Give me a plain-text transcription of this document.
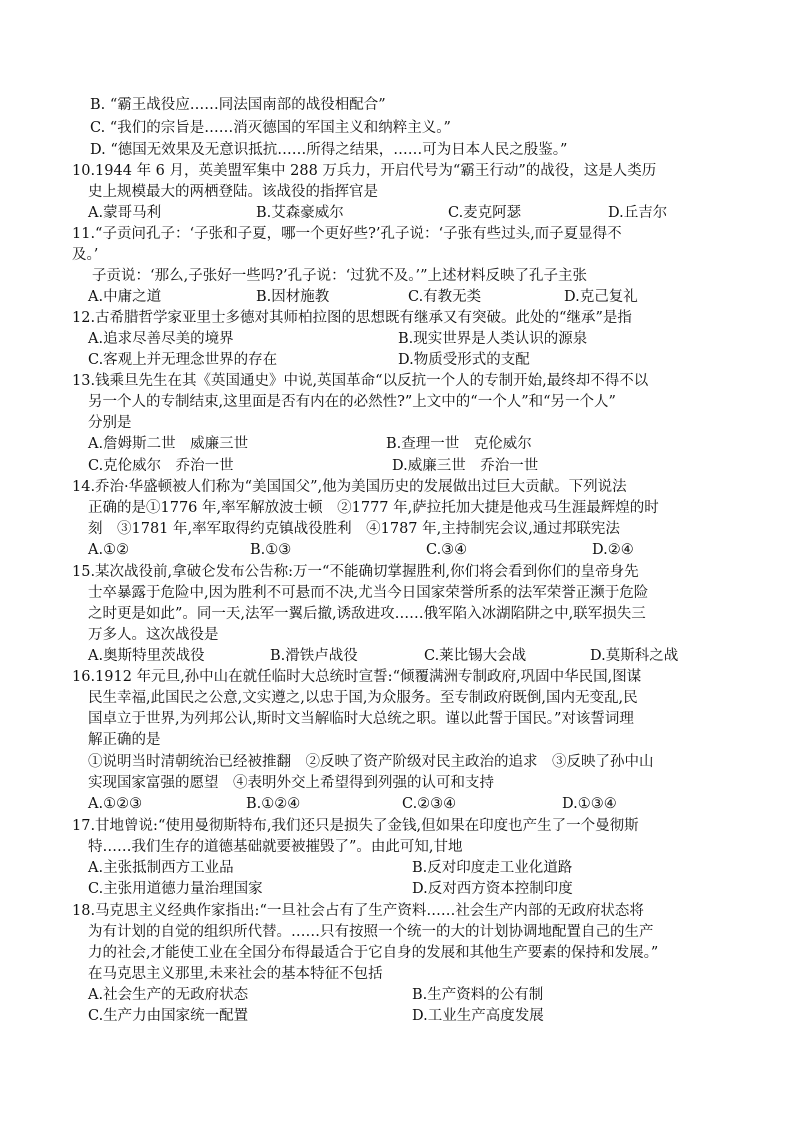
B. “霸王战役应……同法国南部的战役相配合”
C. “我们的宗旨是……消灭德国的军国主义和纳粹主义。”
D. “德国无效果及无意识抵抗……所得之结果，……可为日本人民之殷鉴。”
10.1944 年 6 月，英美盟军集中 288 万兵力，开启代号为“霸王行动”的战役，这是人类历
史上规模最大的两栖登陆。该战役的指挥官是
A.蒙哥马利	B.艾森豪威尔	C.麦克阿瑟	D.丘吉尔
11.“子贡问孔子：‘子张和子夏，哪一个更好些?’孔子说：‘子张有些过头,而子夏显得不
及。’
子贡说：‘那么,子张好一些吗?’孔子说：‘过犹不及。’”上述材料反映了孔子主张
A.中庸之道	B.因材施教	C.有教无类	D.克己复礼
12.古希腊哲学家亚里士多德对其师柏拉图的思想既有继承又有突破。此处的“继承”是指
A.追求尽善尽美的境界	B.现实世界是人类认识的源泉
C.客观上并无理念世界的存在	D.物质受形式的支配
13.钱乘旦先生在其《英国通史》中说,英国革命“以反抗一个人的专制开始,最终却不得不以
另一个人的专制结束,这里面是否有内在的必然性?”上文中的“一个人”和“另一个人”
分别是
A.詹姆斯二世　威廉三世	B.查理一世　克伦威尔
C.克伦威尔　乔治一世	D.威廉三世　乔治一世
14.乔治·华盛顿被人们称为“美国国父”,他为美国历史的发展做出过巨大贡献。下列说法
正确的是①1776 年,率军解放波士顿　②1777 年,萨拉托加大捷是他戎马生涯最辉煌的时
刻　③1781 年,率军取得约克镇战役胜利　④1787 年,主持制宪会议,通过邦联宪法
A.①②	B.①③	C.③④	D.②④
15.某次战役前,拿破仑发布公告称:万一“不能确切掌握胜利,你们将会看到你们的皇帝身先
士卒暴露于危险中,因为胜利不可悬而不决,尤当今日国家荣誉所系的法军荣誉正濒于危险
之时更是如此”。同一天,法军一翼后撤,诱敌进攻……俄军陷入冰湖陷阱之中,联军损失三
万多人。这次战役是
A.奥斯特里茨战役	B.滑铁卢战役	C.莱比锡大会战	D.莫斯科之战
16.1912 年元旦,孙中山在就任临时大总统时宣誓:“倾覆满洲专制政府,巩固中华民国,图谋
民生幸福,此国民之公意,文实遵之,以忠于国,为众服务。至专制政府既倒,国内无变乱,民
国卓立于世界,为列邦公认,斯时文当解临时大总统之职。谨以此誓于国民。”对该誓词理
解正确的是
①说明当时清朝统治已经被推翻　②反映了资产阶级对民主政治的追求　③反映了孙中山
实现国家富强的愿望　④表明外交上希望得到列强的认可和支持
A.①②③	B.①②④	C.②③④	D.①③④
17.甘地曾说:“使用曼彻斯特布,我们还只是损失了金钱,但如果在印度也产生了一个曼彻斯
特……我们生存的道德基础就要被摧毁了”。由此可知,甘地
A.主张抵制西方工业品	B.反对印度走工业化道路
C.主张用道德力量治理国家	D.反对西方资本控制印度
18.马克思主义经典作家指出:“一旦社会占有了生产资料……社会生产内部的无政府状态将
为有计划的自觉的组织所代替。……只有按照一个统一的大的计划协调地配置自己的生产
力的社会,才能使工业在全国分布得最适合于它自身的发展和其他生产要素的保持和发展。”
在马克思主义那里,未来社会的基本特征不包括
A.社会生产的无政府状态	B.生产资料的公有制
C.生产力由国家统一配置	D.工业生产高度发展
